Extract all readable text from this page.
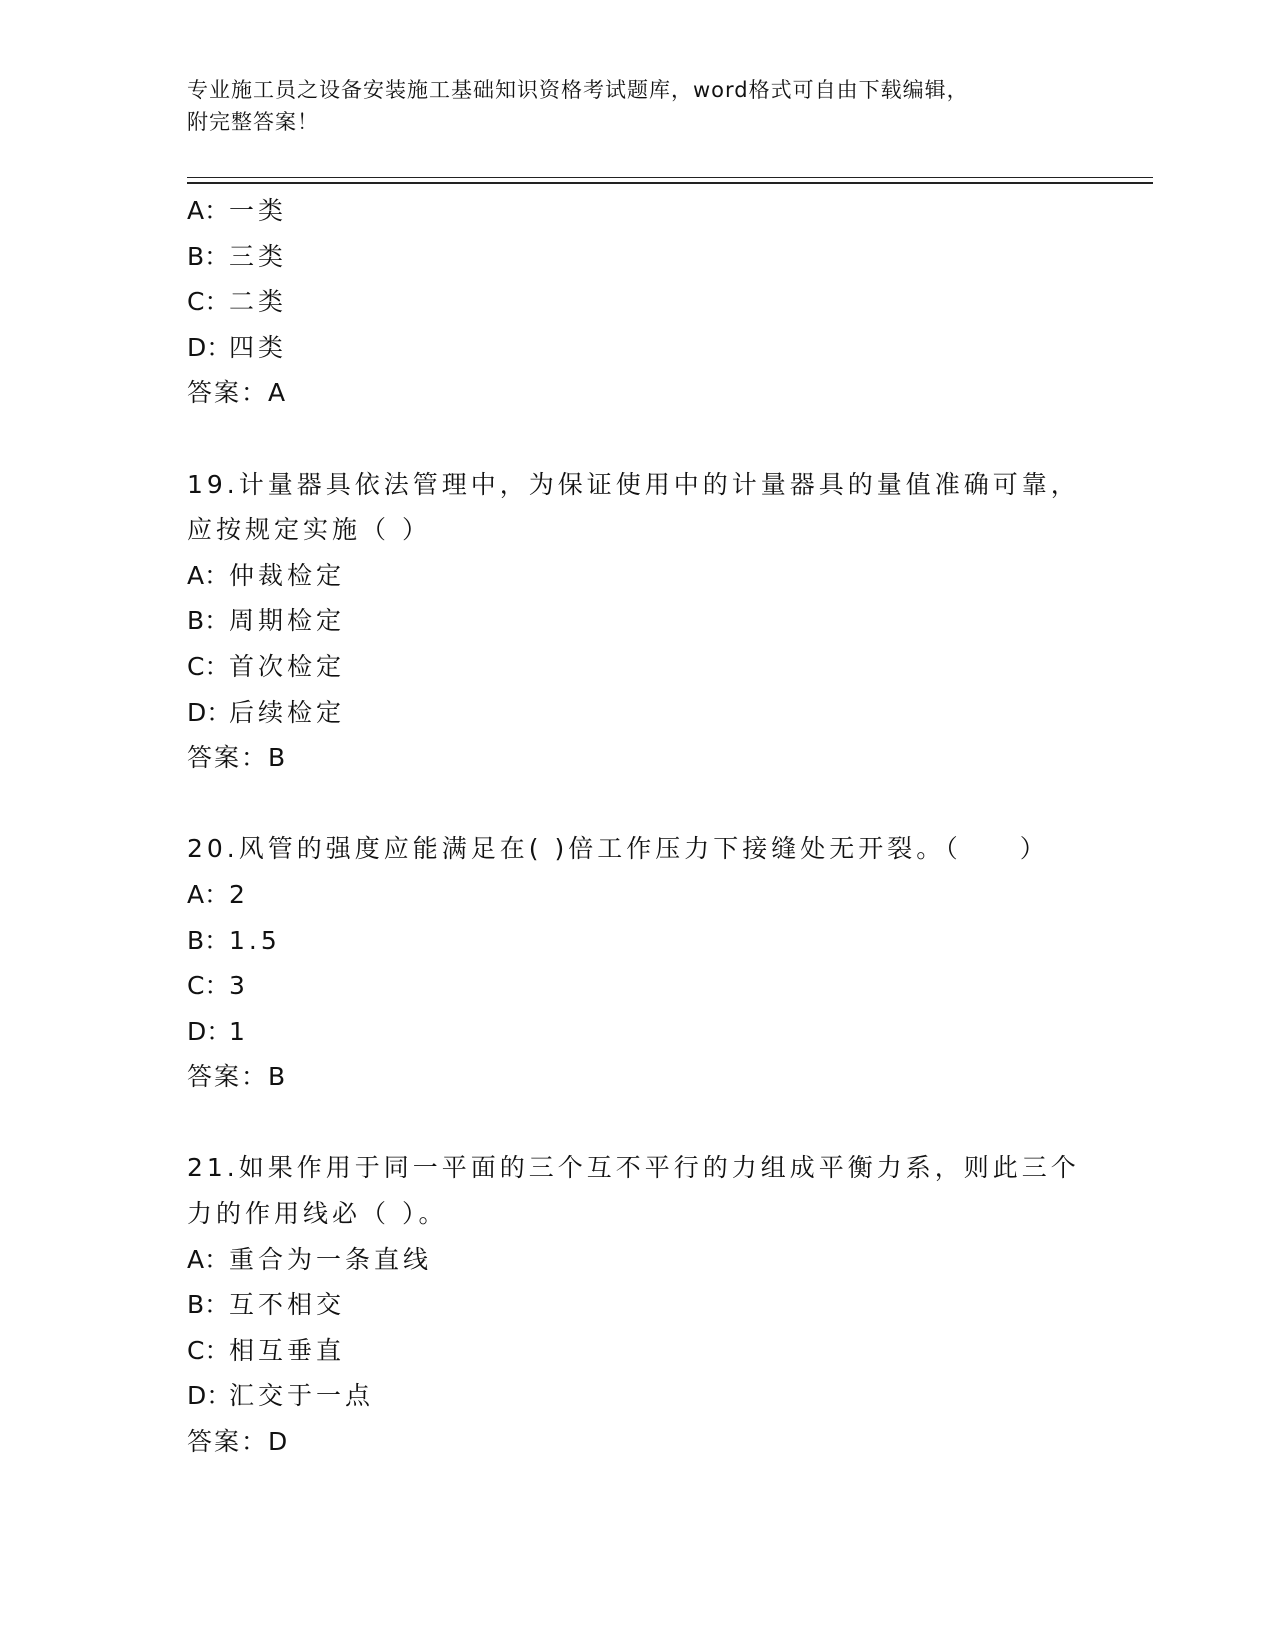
专业施工员之设备安装施工基础知识资格考试题库，word格式可自由下载编辑，
附完整答案！
A：一类
B：三类
C：二类
D：四类
答案：A
19.计量器具依法管理中，为保证使用中的计量器具的量值准确可靠，
应按规定实施（ ）
A：仲裁检定
B：周期检定
C：首次检定
D：后续检定
答案：B
20.风管的强度应能满足在( )倍工作压力下接缝处无开裂。（　　）
A：2
B：1.5
C：3
D：1
答案：B
21.如果作用于同一平面的三个互不平行的力组成平衡力系，则此三个
力的作用线必（ ）。
A：重合为一条直线
B：互不相交
C：相互垂直
D：汇交于一点
答案：D
